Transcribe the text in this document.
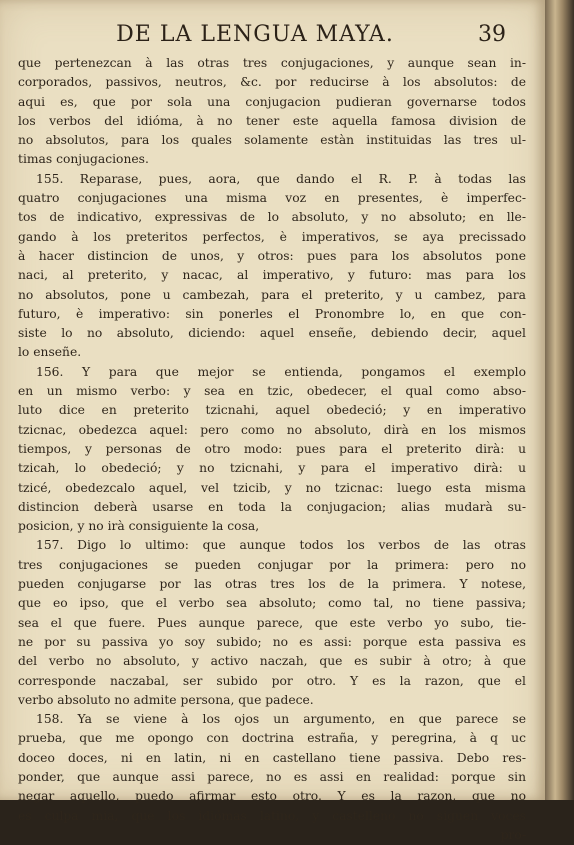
DE LA LENGUA MAYA.	39
que pertenezcan à las otras tres conjugaciones, y aunque sean in-
corporados, passivos, neutros, &c. por reducirse à los absolutos: de
aqui es, que por sola una conjugacion pudieran governarse todos
los verbos del idióma, à no tener este aquella famosa division de
no absolutos, para los quales solamente estàn instituidas las tres ul-
timas conjugaciones.
155. Reparase, pues, aora, que dando el R. P. à todas las
quatro conjugaciones una misma voz en presentes, è imperfec-
tos de indicativo, expressivas de lo absoluto, y no absoluto; en lle-
gando à los preteritos perfectos, è imperativos, se aya precissado
à hacer distincion de unos, y otros: pues para los absolutos pone
naci, al preterito, y nacac, al imperativo, y futuro: mas para los
no absolutos, pone u cambezah, para el preterito, y u cambez, para
futuro, è imperativo: sin ponerles el Pronombre lo, en que con-
siste lo no absoluto, diciendo: aquel enseñe, debiendo decir, aquel
lo enseñe.
156. Y para que mejor se entienda, pongamos el exemplo
en un mismo verbo: y sea en tzic, obedecer, el qual como abso-
luto dice en preterito tzicnahi, aquel obedeció; y en imperativo
tzicnac, obedezca aquel: pero como no absoluto, dirà en los mismos
tiempos, y personas de otro modo: pues para el preterito dirà: u
tzicah, lo obedeció; y no tzicnahi, y para el imperativo dirà: u
tzicé, obedezcalo aquel, vel tzicib, y no tzicnac: luego esta misma
distincion deberà usarse en toda la conjugacion; alias mudarà su-
posicion, y no irà consiguiente la cosa,
157. Digo lo ultimo: que aunque todos los verbos de las otras
tres conjugaciones se pueden conjugar por la primera: pero no
pueden conjugarse por las otras tres los de la primera. Y notese,
que eo ipso, que el verbo sea absoluto; como tal, no tiene passiva;
sea el que fuere. Pues aunque parece, que este verbo yo subo, tie-
ne por su passiva yo soy subido; no es assi: porque esta passiva es
del verbo no absoluto, y activo naczah, que es subir à otro; à que
corresponde naczabal, ser subido por otro. Y es la razon, que el
verbo absoluto no admite persona, que padece.
158. Ya se viene à los ojos un argumento, en que parece se
prueba, que me opongo con doctrina estraña, y peregrina, à q uc
doceo doces, ni en latin, ni en castellano tiene passiva. Debo res-
ponder, que aunque assi parece, no es assi en realidad: porque sin
negar aquello, puedo afirmar esto otro. Y es la razon, que no
es culpa mia, que los idiómas latino, y castelleno no siguen voces
pro-
